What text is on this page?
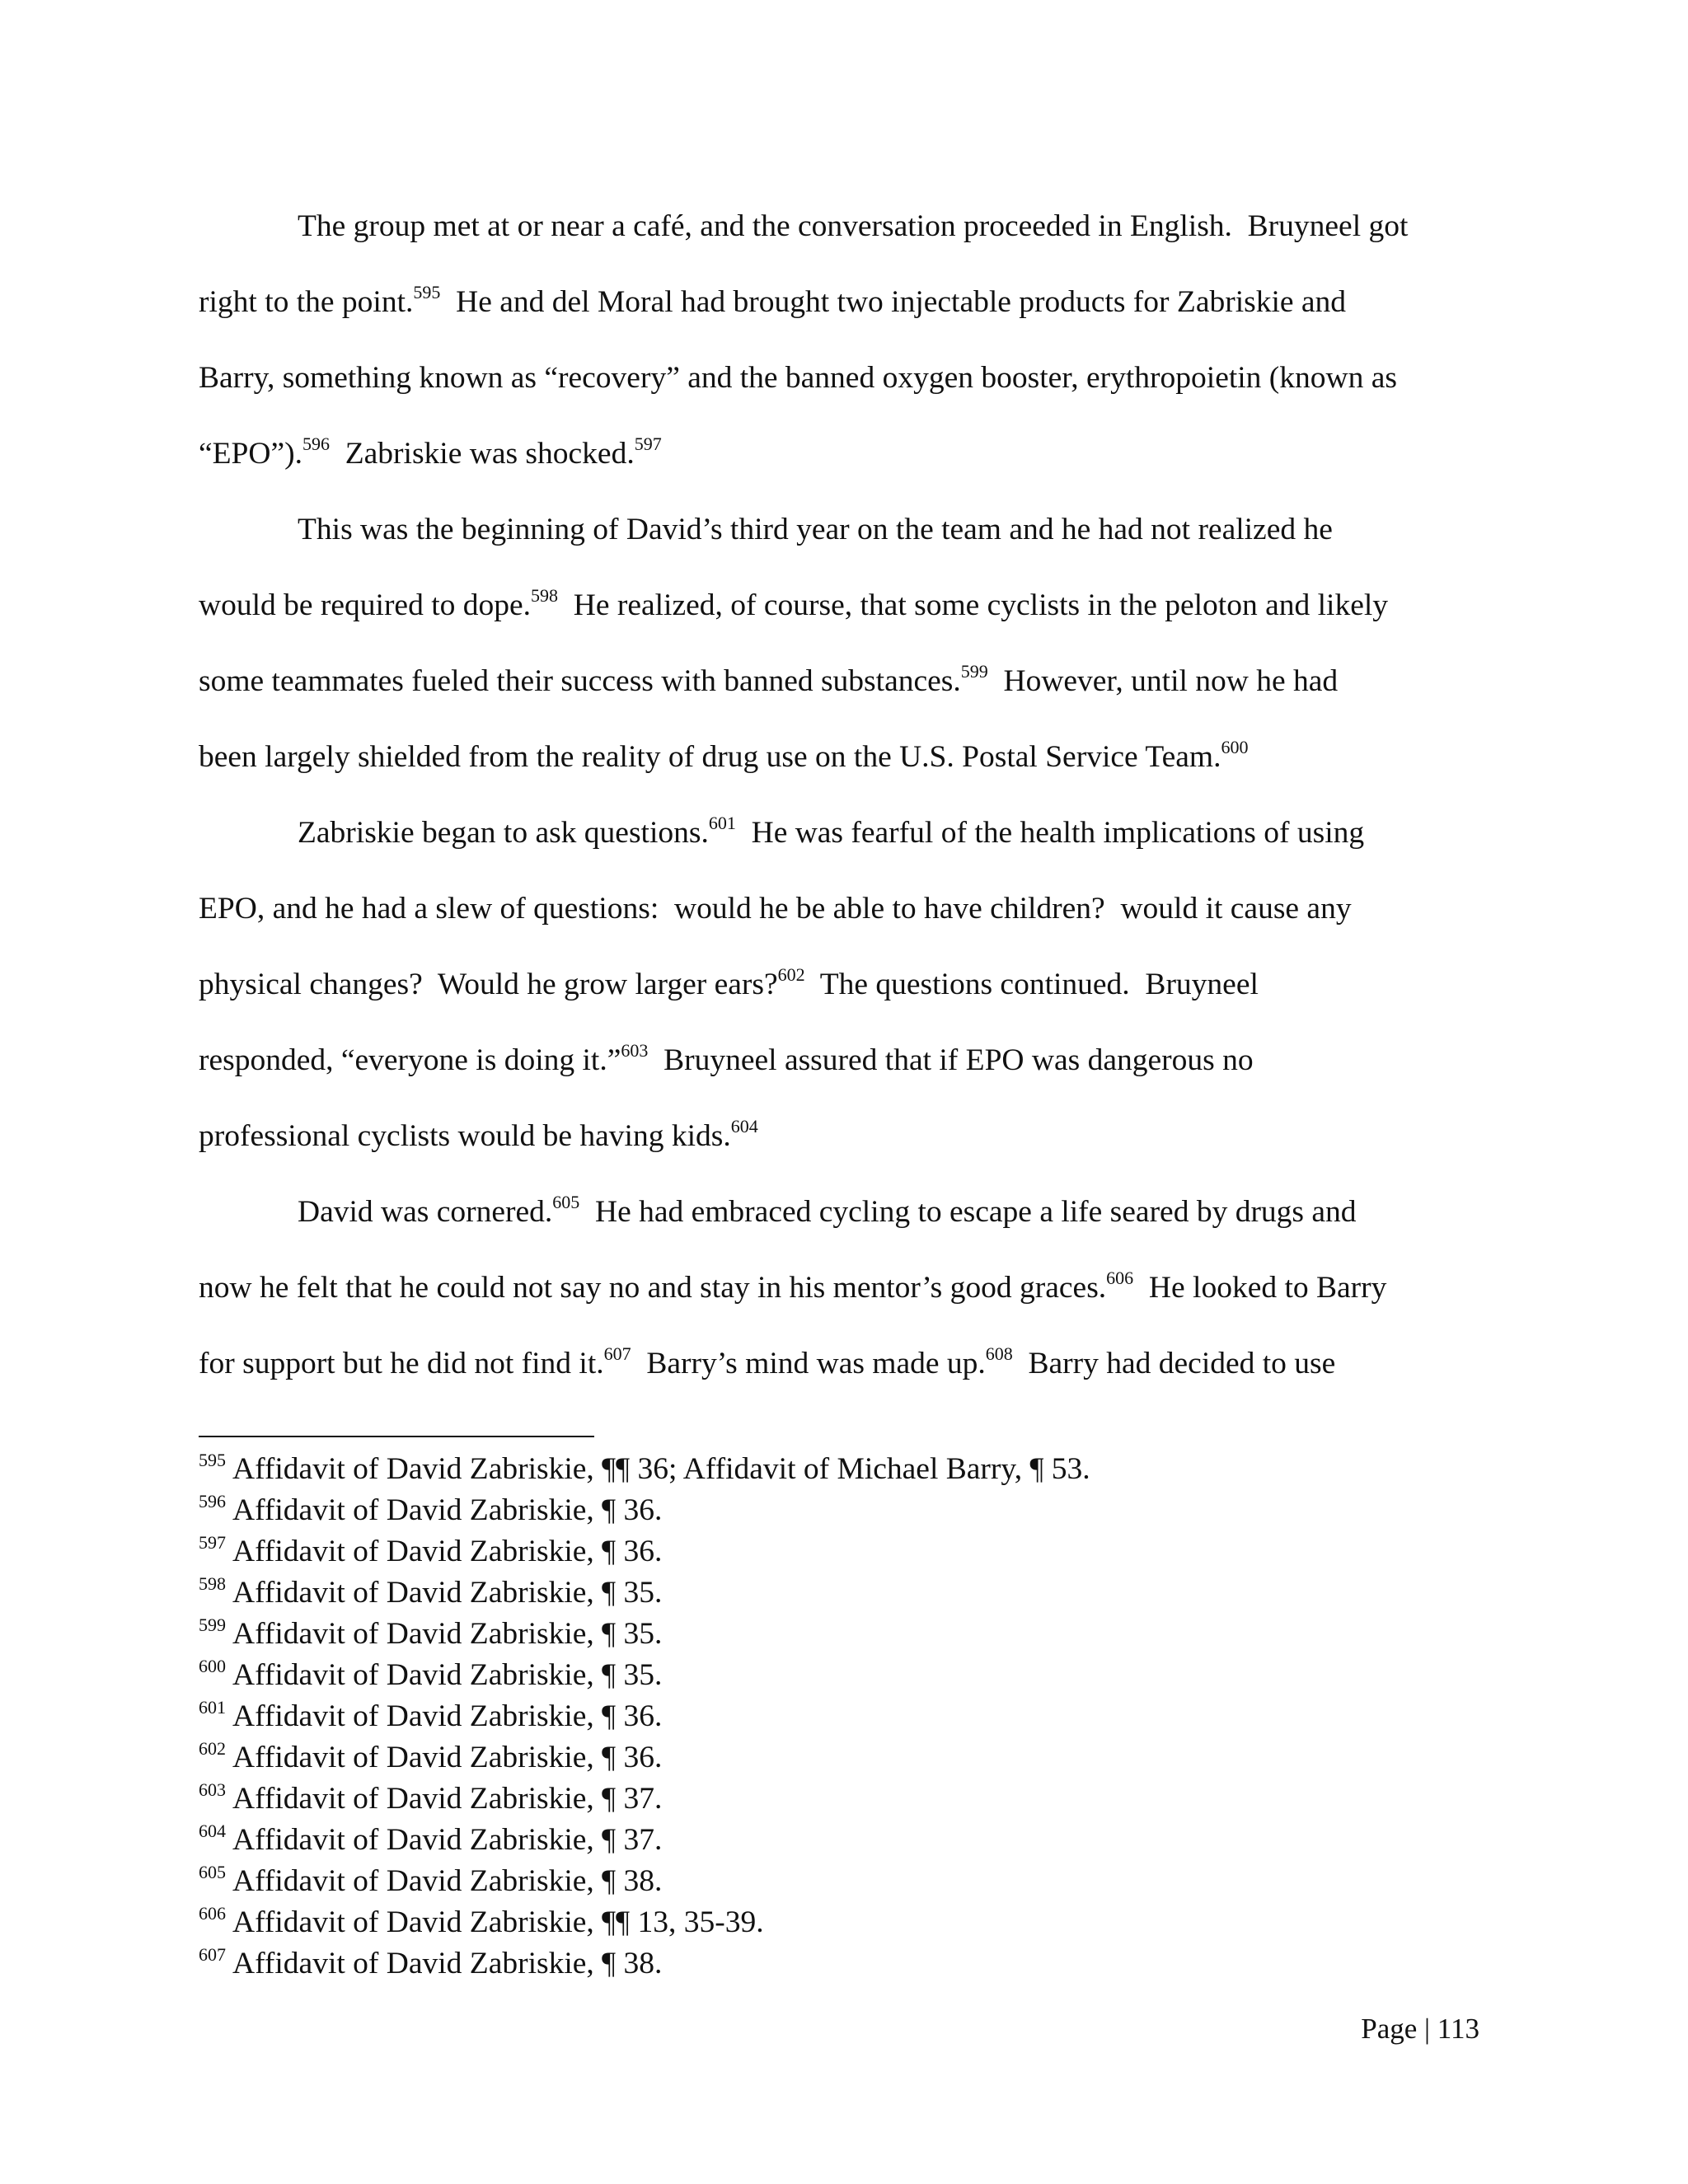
The group met at or near a café, and the conversation proceeded in English.  Bruyneel got
right to the point.$^{595}$  He and del Moral had brought two injectable products for Zabriskie and
Barry, something known as “recovery” and the banned oxygen booster, erythropoietin (known as
“EPO”).$^{596}$  Zabriskie was shocked.$^{597}$
This was the beginning of David’s third year on the team and he had not realized he
would be required to dope.$^{598}$  He realized, of course, that some cyclists in the peloton and likely
some teammates fueled their success with banned substances.$^{599}$  However, until now he had
been largely shielded from the reality of drug use on the U.S. Postal Service Team.$^{600}$
Zabriskie began to ask questions.$^{601}$  He was fearful of the health implications of using
EPO, and he had a slew of questions:  would he be able to have children?  would it cause any
physical changes?  Would he grow larger ears?$^{602}$  The questions continued.  Bruyneel
responded, “everyone is doing it.”$^{603}$  Bruyneel assured that if EPO was dangerous no
professional cyclists would be having kids.$^{604}$
David was cornered.$^{605}$  He had embraced cycling to escape a life seared by drugs and
now he felt that he could not say no and stay in his mentor’s good graces.$^{606}$  He looked to Barry
for support but he did not find it.$^{607}$  Barry’s mind was made up.$^{608}$  Barry had decided to use
$^{595}$ Affidavit of David Zabriskie, ¶¶ 36; Affidavit of Michael Barry, ¶ 53.
$^{596}$ Affidavit of David Zabriskie, ¶ 36.
$^{597}$ Affidavit of David Zabriskie, ¶ 36.
$^{598}$ Affidavit of David Zabriskie, ¶ 35.
$^{599}$ Affidavit of David Zabriskie, ¶ 35.
$^{600}$ Affidavit of David Zabriskie, ¶ 35.
$^{601}$ Affidavit of David Zabriskie, ¶ 36.
$^{602}$ Affidavit of David Zabriskie, ¶ 36.
$^{603}$ Affidavit of David Zabriskie, ¶ 37.
$^{604}$ Affidavit of David Zabriskie, ¶ 37.
$^{605}$ Affidavit of David Zabriskie, ¶ 38.
$^{606}$ Affidavit of David Zabriskie, ¶¶ 13, 35-39.
$^{607}$ Affidavit of David Zabriskie, ¶ 38.
Page | 113
